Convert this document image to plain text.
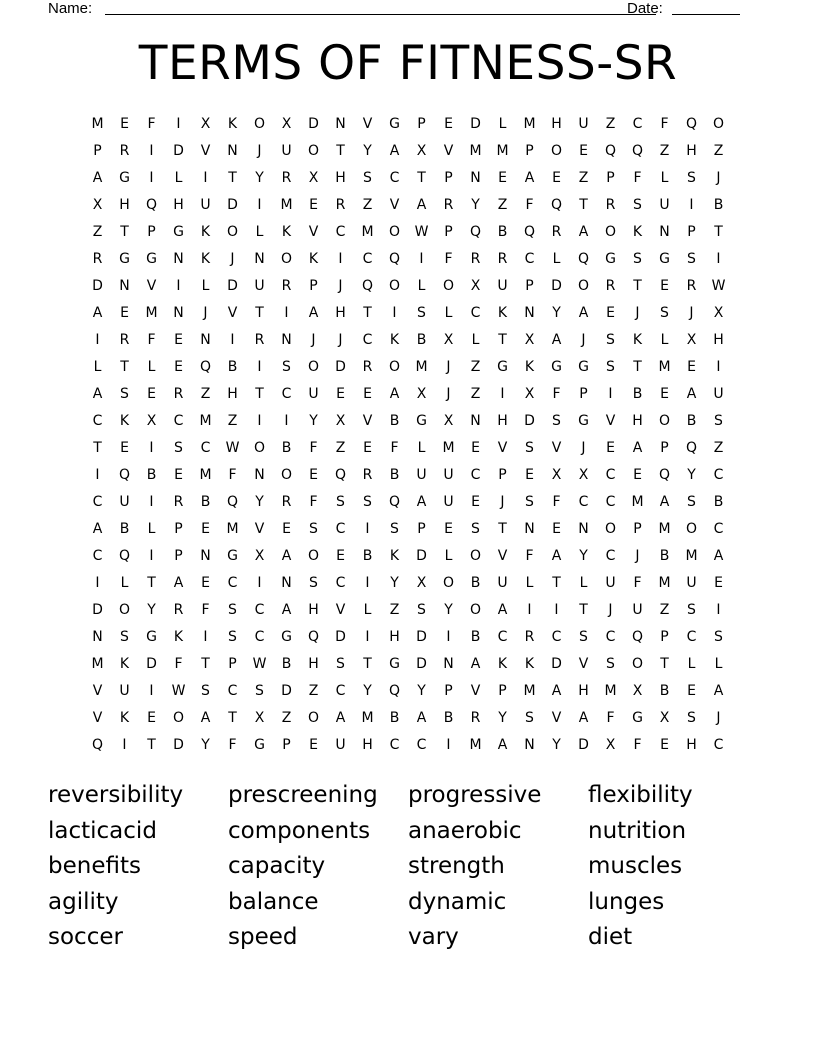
Name:	Date:
TERMS OF FITNESS-SR
M	E	F	I	X	K	O	X	D	N	V	G	P	E	D	L	M	H	U	Z	C	F	Q	O
P	R	I	D	V	N	J	U	O	T	Y	A	X	V	M	M	P	O	E	Q	Q	Z	H	Z
A	G	I	L	I	T	Y	R	X	H	S	C	T	P	N	E	A	E	Z	P	F	L	S	J
X	H	Q	H	U	D	I	M	E	R	Z	V	A	R	Y	Z	F	Q	T	R	S	U	I	B
Z	T	P	G	K	O	L	K	V	C	M	O	W	P	Q	B	Q	R	A	O	K	N	P	T
R	G	G	N	K	J	N	O	K	I	C	Q	I	F	R	R	C	L	Q	G	S	G	S	I
D	N	V	I	L	D	U	R	P	J	Q	O	L	O	X	U	P	D	O	R	T	E	R	W
A	E	M	N	J	V	T	I	A	H	T	I	S	L	C	K	N	Y	A	E	J	S	J	X
I	R	F	E	N	I	R	N	J	J	C	K	B	X	L	T	X	A	J	S	K	L	X	H
L	T	L	E	Q	B	I	S	O	D	R	O	M	J	Z	G	K	G	G	S	T	M	E	I
A	S	E	R	Z	H	T	C	U	E	E	A	X	J	Z	I	X	F	P	I	B	E	A	U
C	K	X	C	M	Z	I	I	Y	X	V	B	G	X	N	H	D	S	G	V	H	O	B	S
T	E	I	S	C	W	O	B	F	Z	E	F	L	M	E	V	S	V	J	E	A	P	Q	Z
I	Q	B	E	M	F	N	O	E	Q	R	B	U	U	C	P	E	X	X	C	E	Q	Y	C
C	U	I	R	B	Q	Y	R	F	S	S	Q	A	U	E	J	S	F	C	C	M	A	S	B
A	B	L	P	E	M	V	E	S	C	I	S	P	E	S	T	N	E	N	O	P	M	O	C
C	Q	I	P	N	G	X	A	O	E	B	K	D	L	O	V	F	A	Y	C	J	B	M	A
I	L	T	A	E	C	I	N	S	C	I	Y	X	O	B	U	L	T	L	U	F	M	U	E
D	O	Y	R	F	S	C	A	H	V	L	Z	S	Y	O	A	I	I	T	J	U	Z	S	I
N	S	G	K	I	S	C	G	Q	D	I	H	D	I	B	C	R	C	S	C	Q	P	C	S
M	K	D	F	T	P	W	B	H	S	T	G	D	N	A	K	K	D	V	S	O	T	L	L
V	U	I	W	S	C	S	D	Z	C	Y	Q	Y	P	V	P	M	A	H	M	X	B	E	A
V	K	E	O	A	T	X	Z	O	A	M	B	A	B	R	Y	S	V	A	F	G	X	S	J
Q	I	T	D	Y	F	G	P	E	U	H	C	C	I	M	A	N	Y	D	X	F	E	H	C
reversibility	prescreening	progressive	flexibility
lacticacid	components	anaerobic	nutrition
benefits	capacity	strength	muscles
agility	balance	dynamic	lunges
soccer	speed	vary	diet
